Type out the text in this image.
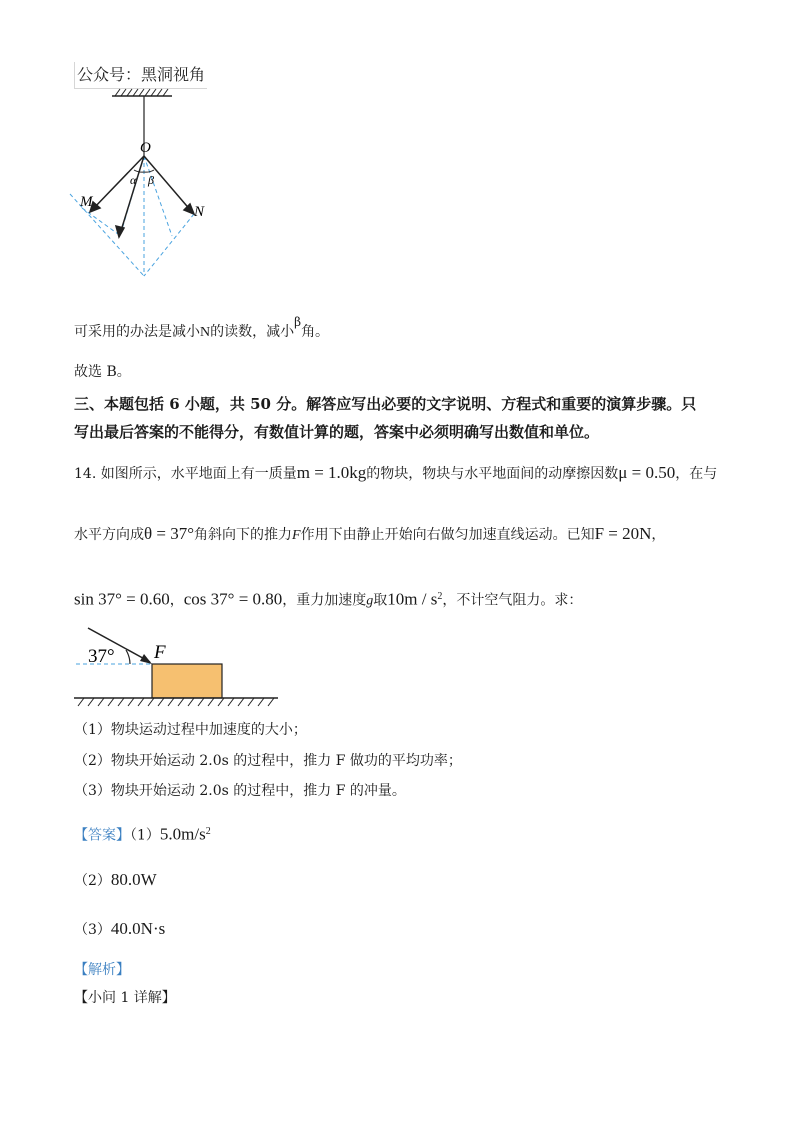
公众号：黑洞视角
O
M
N
α β
可采用的办法是减小N的读数，减小β角。
故选 B。
三、本题包括 6 小题，共 50 分。解答应写出必要的文字说明、方程式和重要的演算步骤。只
写出最后答案的不能得分，有数值计算的题，答案中必须明确写出数值和单位。
14. 如图所示，水平地面上有一质量m = 1.0kg的物块，物块与水平地面间的动摩擦因数μ = 0.50，在与
水平方向成θ = 37°角斜向下的推力F作用下由静止开始向右做匀加速直线运动。已知F = 20N，
sin 37° = 0.60，cos 37° = 0.80，重力加速度g取$10m / s^2$，不计空气阻力。求：
37° F
（1）物块运动过程中加速度的大小；
（2）物块开始运动 2.0s 的过程中，推力 F 做功的平均功率；
（3）物块开始运动 2.0s 的过程中，推力 F 的冲量。
【答案】$(1)5.0m/s^2$
（2）80.0W
（3）40.0N·s
【解析】
【小问 1 详解】
